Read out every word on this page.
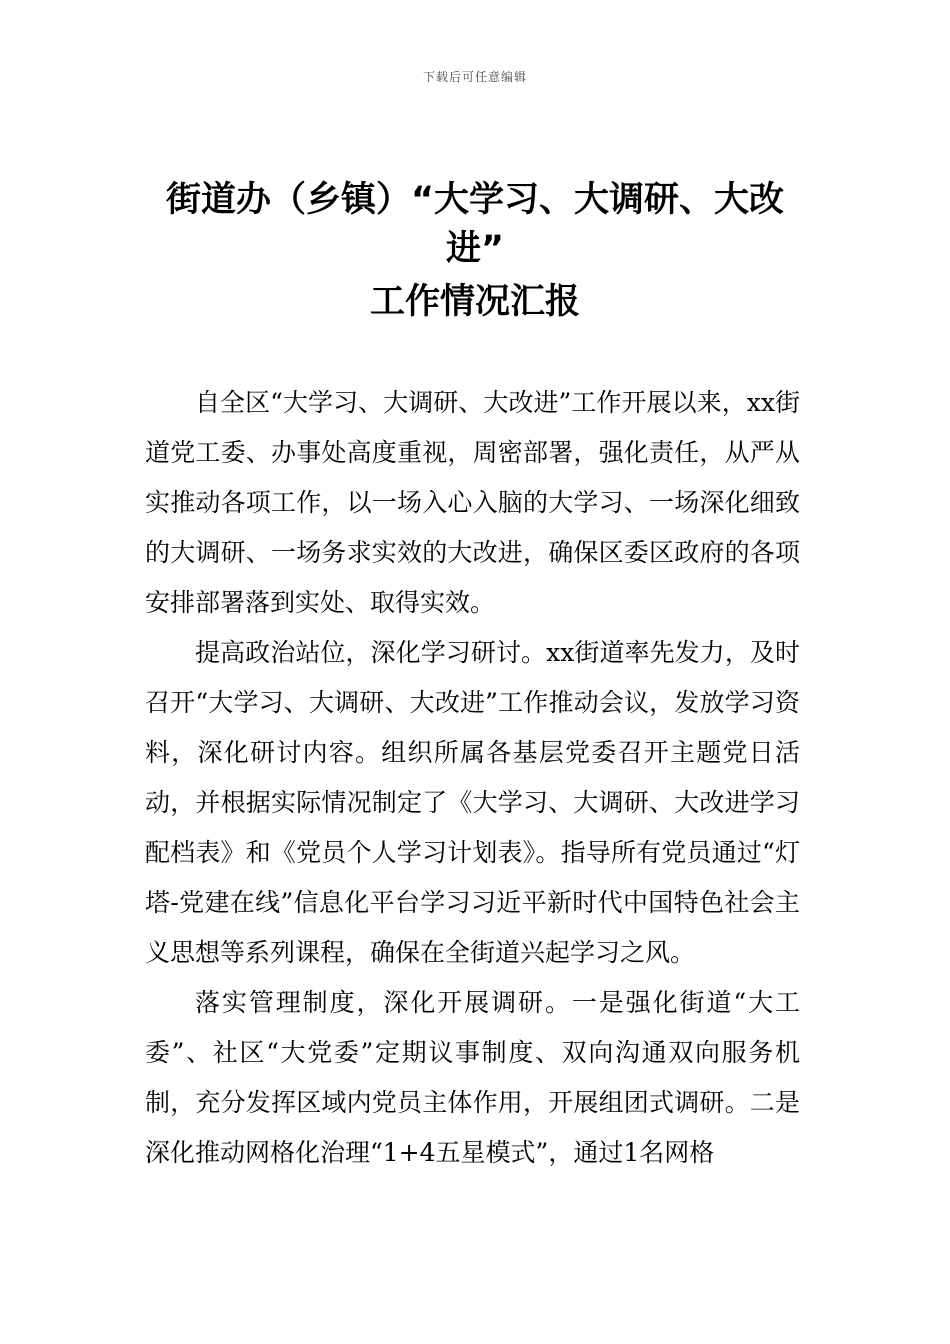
下载后可任意编辑
街道办（乡镇）“大学习、大调研、大改
进”
工作情况汇报

自全区“大学习、大调研、大改进”工作开展以来，xx街道党工委、办事处高度重视，周密部署，强化责任，从严从实推动各项工作，以一场入心入脑的大学习、一场深化细致的大调研、一场务求实效的大改进，确保区委区政府的各项安排部署落到实处、取得实效。

提高政治站位，深化学习研讨。xx街道率先发力，及时召开“大学习、大调研、大改进”工作推动会议，发放学习资料，深化研讨内容。组织所属各基层党委召开主题党日活动，并根据实际情况制定了《大学习、大调研、大改进学习配档表》和《党员个人学习计划表》。指导所有党员通过“灯塔-党建在线”信息化平台学习习近平新时代中国特色社会主义思想等系列课程，确保在全街道兴起学习之风。

落实管理制度，深化开展调研。一是强化街道“大工委”、社区“大党委”定期议事制度、双向沟通双向服务机制，充分发挥区域内党员主体作用，开展组团式调研。二是深化推动网格化治理“1+4五星模式”，通过1名网格
